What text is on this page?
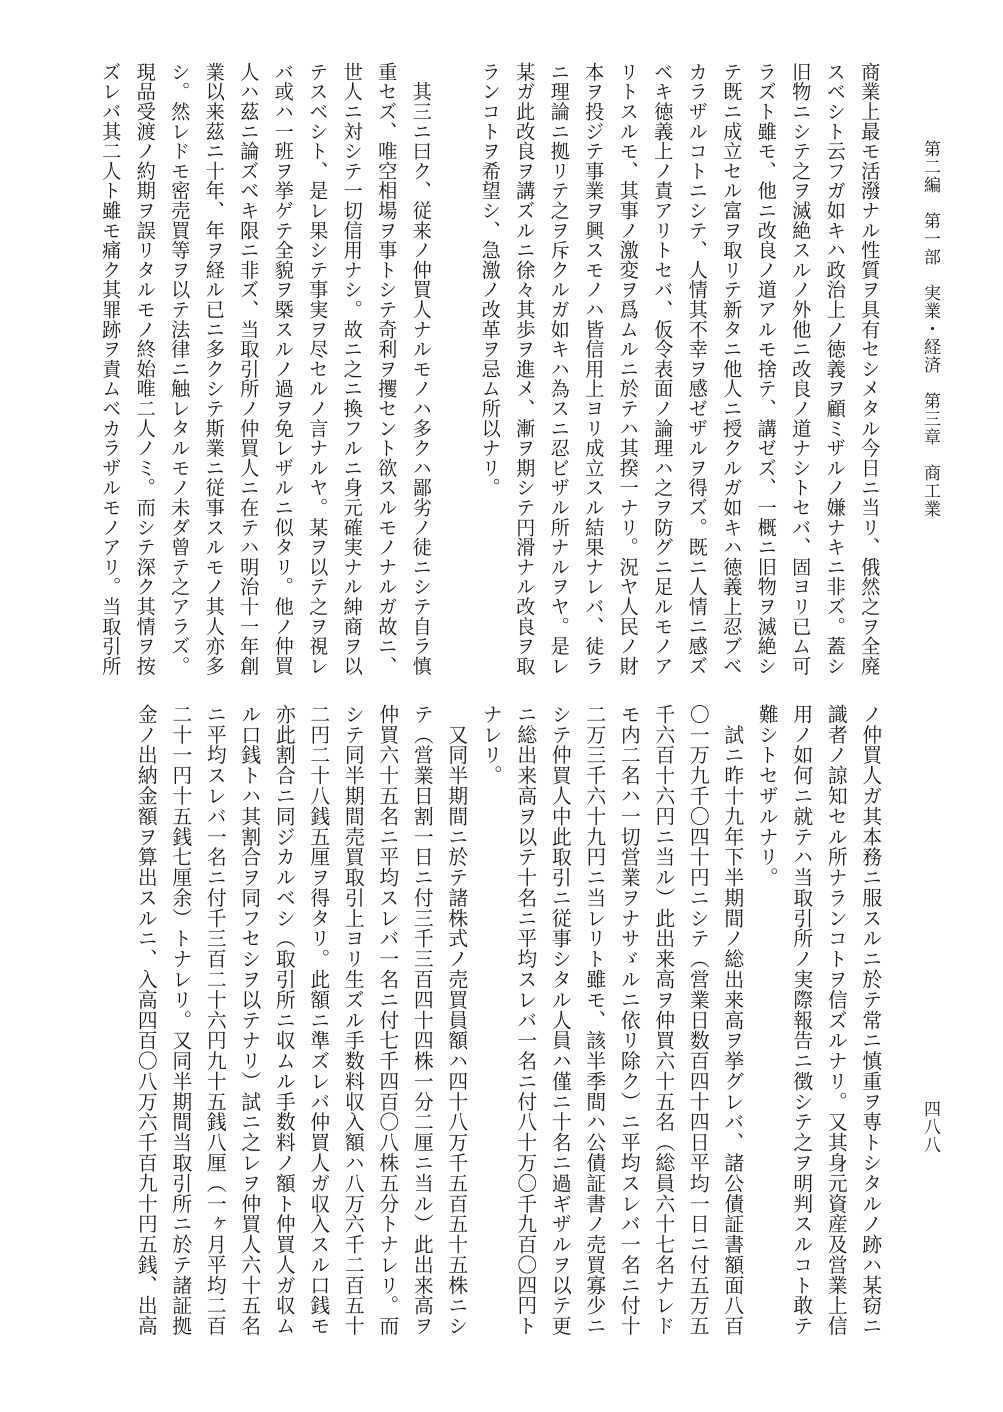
第二編　第一部　実業・経済　第三章　商工業
四八八
商業上最モ活潑ナル性質ヲ具有セシメタル今日ニ当リ、俄然之ヲ全廃
スベシト云フガ如キハ政治上ノ徳義ヲ顧ミザルノ嫌ナキニ非ズ。蓋シ
旧物ニシテ之ヲ滅絶スルノ外他ニ改良ノ道ナシトセバ、固ヨリ已ム可
ラズト雖モ、他ニ改良ノ道アルモ捨テ、講ゼズ、一概ニ旧物ヲ滅絶シ
テ既ニ成立セル富ヲ取リテ新タニ他人ニ授クルガ如キハ徳義上忍ブベ
カラザルコトニシテ、人情其不幸ヲ感ゼザルヲ得ズ。既ニ人情ニ感ズ
ベキ徳義上ノ責アリトセバ、仮令表面ノ論理ハ之ヲ防グニ足ルモノア
リトスルモ、其事ノ激変ヲ爲ムルニ於テハ其揆一ナリ。況ヤ人民ノ財
本ヲ投ジテ事業ヲ興スモノハ皆信用上ヨリ成立スル結果ナレバ、徒ラ
ニ理論ニ拠リテ之ヲ斥クルガ如キハ為スニ忍ビザル所ナルヲヤ。是レ
某ガ此改良ヲ講ズルニ徐々其歩ヲ進メ、漸ヲ期シテ円滑ナル改良ヲ取
ランコトヲ希望シ、急激ノ改革ヲ忌ム所以ナリ。
　其三ニ曰ク、従来ノ仲買人ナルモノハ多クハ鄙劣ノ徒ニシテ自ラ慎
重セズ、唯空相場ヲ事トシテ奇利ヲ攫セント欲スルモノナルガ故ニ、
世人ニ対シテ一切信用ナシ。故ニ之ニ換フルニ身元確実ナル紳商ヲ以
テスベシト、是レ果シテ事実ヲ尽セルノ言ナルヤ。某ヲ以テ之ヲ視レ
バ或ハ一班ヲ挙ゲテ全貌ヲ槩スルノ過ヲ免レザルニ似タリ。他ノ仲買
人ハ茲ニ論ズベキ限ニ非ズ、当取引所ノ仲買人ニ在テハ明治十一年創
業以来茲ニ十年、年ヲ経ル已ニ多クシテ斯業ニ従事スルモノ其人亦多
シ。然レドモ密売買等ヲ以テ法律ニ触レタルモノ未ダ曾テ之アラズ。
現品受渡ノ約期ヲ誤リタルモノ終始唯二人ノミ。而シテ深ク其情ヲ按
ズレバ其二人ト雖モ痛ク其罪跡ヲ責ムベカラザルモノアリ。当取引所
ノ仲買人ガ其本務ニ服スルニ於テ常ニ慎重ヲ専トシタルノ跡ハ某窃ニ
識者ノ諒知セル所ナランコトヲ信ズルナリ。又其身元資産及営業上信
用ノ如何ニ就テハ当取引所ノ実際報告ニ徴シテ之ヲ明判スルコト敢テ
難シトセザルナリ。
　試ニ昨十九年下半期間ノ総出来高ヲ挙グレバ、諸公債証書額面八百
〇一万九千〇四十円ニシテ（営業日数百四十四日平均一日ニ付五万五
千六百十六円ニ当ル）此出来高ヲ仲買六十五名（総員六十七名ナレド
モ内二名ハ一切営業ヲナサゞルニ依リ除ク）ニ平均スレバ一名ニ付十
二万三千六十九円ニ当レリト雖モ、該半季間ハ公債証書ノ売買寡少ニ
シテ仲買人中此取引ニ従事シタル人員ハ僅ニ十名ニ過ギザルヲ以テ更
ニ総出来高ヲ以テ十名ニ平均スレバ一名ニ付八十万〇千九百〇四円ト
ナレリ。
　又同半期間ニ於テ諸株式ノ売買員額ハ四十八万千五百五十五株ニシ
テ（営業日割一日ニ付三千三百四十四株一分二厘ニ当ル）此出来高ヲ
仲買六十五名ニ平均スレバ一名ニ付七千四百〇八株五分トナレリ。而
シテ同半期間売買取引上ヨリ生ズル手数料収入額ハ八万六千二百五十
二円二十八銭五厘ヲ得タリ。此額ニ準ズレバ仲買人ガ収入スル口銭モ
亦此割合ニ同ジカルベシ（取引所ニ収ムル手数料ノ額ト仲買人ガ収ム
ル口銭トハ其割合ヲ同フセシヲ以テナリ）試ニ之レヲ仲買人六十五名
ニ平均スレバ一名ニ付千三百二十六円九十五銭八厘（一ヶ月平均二百
二十一円十五銭七厘余）トナレリ。又同半期間当取引所ニ於テ諸証拠
金ノ出納金額ヲ算出スルニ、入高四百〇八万六千百九十円五銭、出高
